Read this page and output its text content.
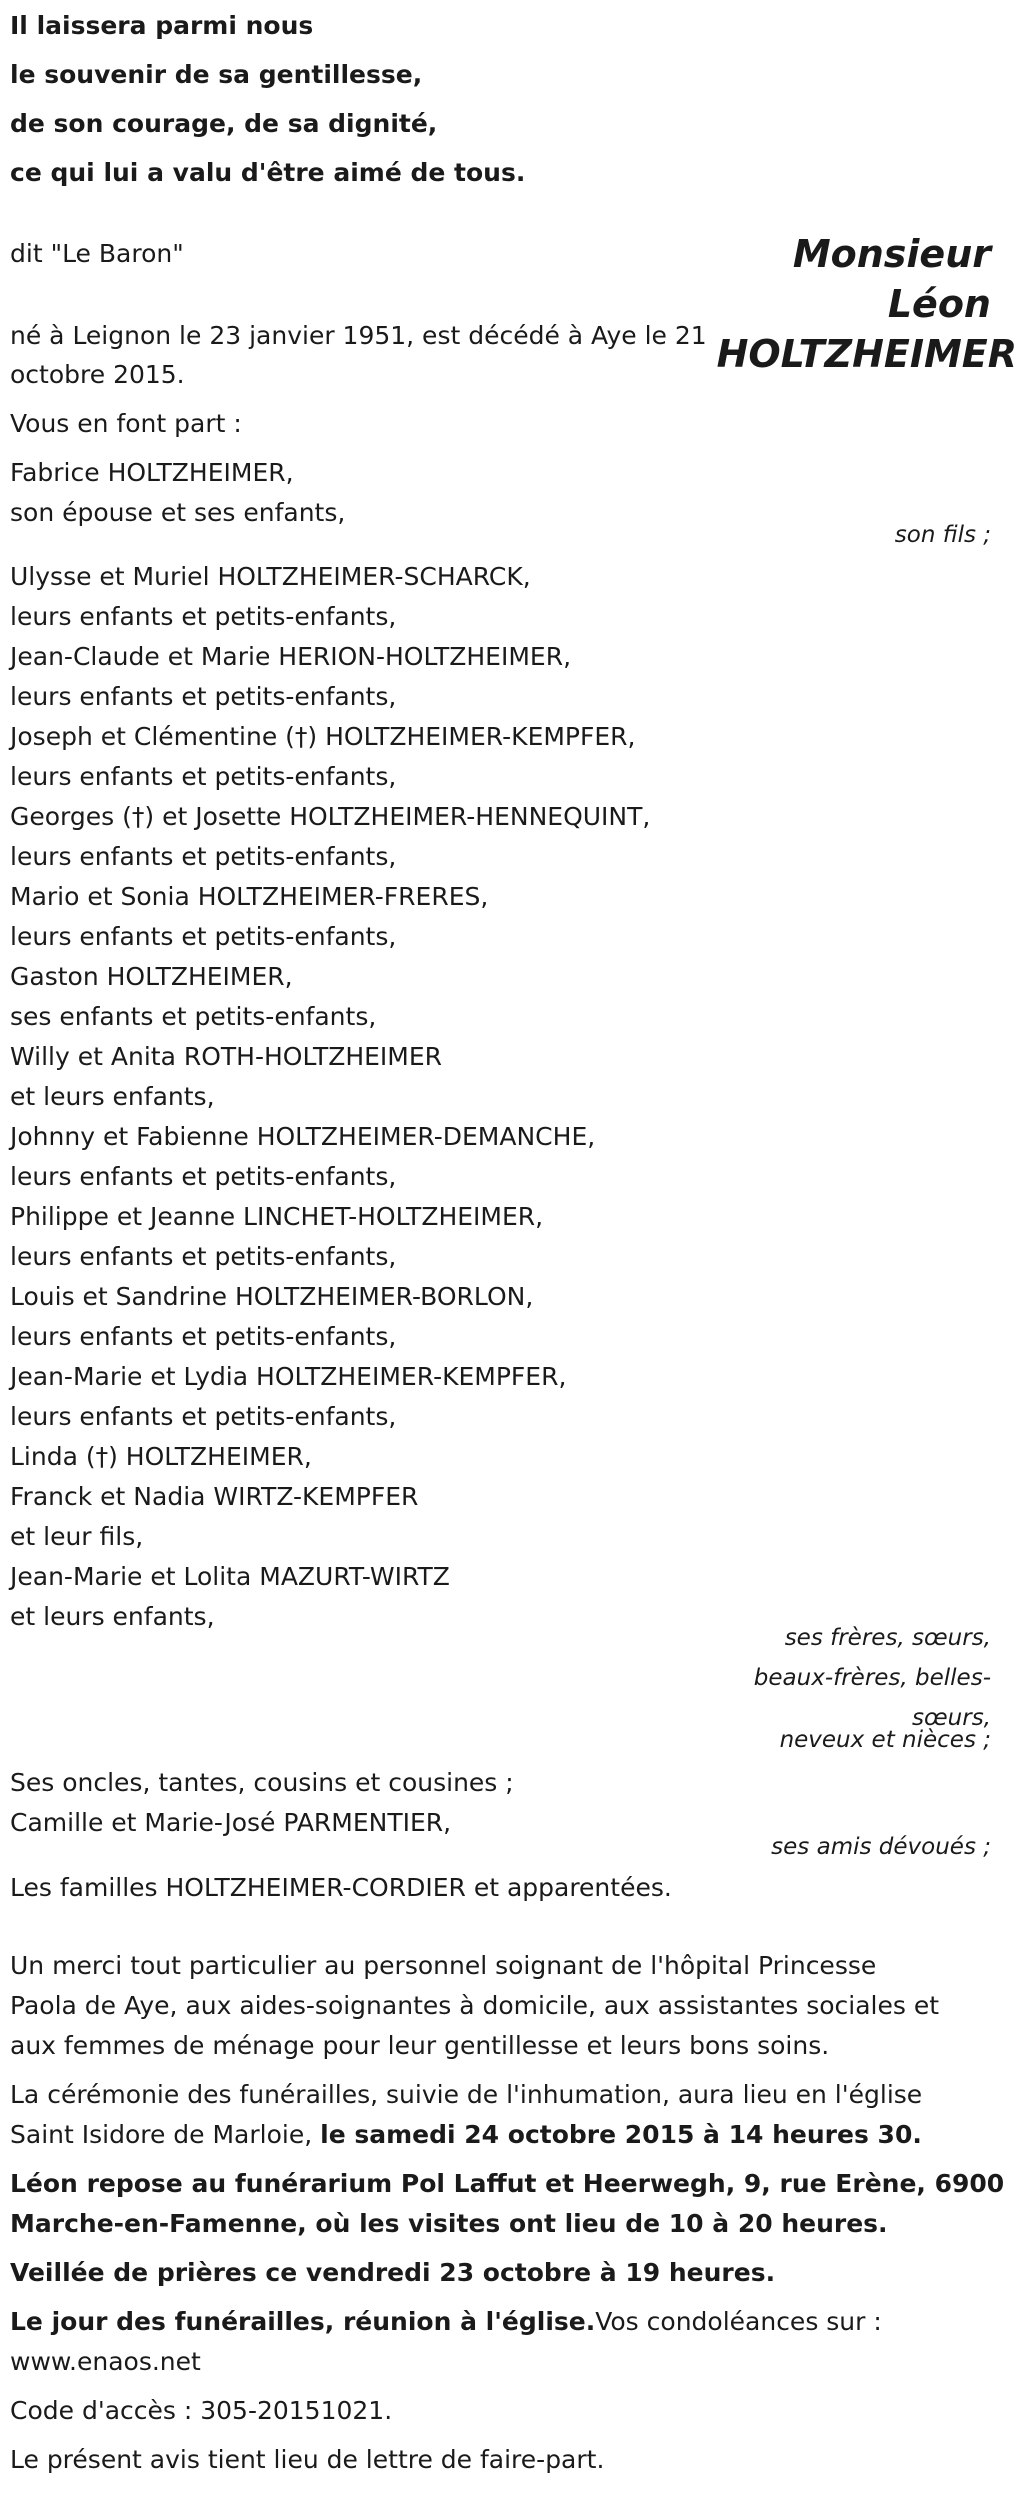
Il laissera parmi nous
le souvenir de sa gentillesse,
de son courage, de sa dignité,
ce qui lui a valu d'être aimé de tous.
dit "Le Baron"	Monsieur
Léon
HOLTZHEIMER
né à Leignon le 23 janvier 1951, est décédé à Aye le 21
octobre 2015.
Vous en font part :
Fabrice HOLTZHEIMER,
son épouse et ses enfants,
son fils ;
Ulysse et Muriel HOLTZHEIMER-SCHARCK,
leurs enfants et petits-enfants,
Jean-Claude et Marie HERION-HOLTZHEIMER,
leurs enfants et petits-enfants,
Joseph et Clémentine (†) HOLTZHEIMER-KEMPFER,
leurs enfants et petits-enfants,
Georges (†) et Josette HOLTZHEIMER-HENNEQUINT,
leurs enfants et petits-enfants,
Mario et Sonia HOLTZHEIMER-FRERES,
leurs enfants et petits-enfants,
Gaston HOLTZHEIMER,
ses enfants et petits-enfants,
Willy et Anita ROTH-HOLTZHEIMER
et leurs enfants,
Johnny et Fabienne HOLTZHEIMER-DEMANCHE,
leurs enfants et petits-enfants,
Philippe et Jeanne LINCHET-HOLTZHEIMER,
leurs enfants et petits-enfants,
Louis et Sandrine HOLTZHEIMER-BORLON,
leurs enfants et petits-enfants,
Jean-Marie et Lydia HOLTZHEIMER-KEMPFER,
leurs enfants et petits-enfants,
Linda (†) HOLTZHEIMER,
Franck et Nadia WIRTZ-KEMPFER
et leur fils,
Jean-Marie et Lolita MAZURT-WIRTZ
et leurs enfants,
ses frères, sœurs,
beaux-frères, belles-
sœurs,
neveux et nièces ;
Ses oncles, tantes, cousins et cousines ;
Camille et Marie-José PARMENTIER,
ses amis dévoués ;
Les familles HOLTZHEIMER-CORDIER et apparentées.
Un merci tout particulier au personnel soignant de l'hôpital Princesse
Paola de Aye, aux aides-soignantes à domicile, aux assistantes sociales et
aux femmes de ménage pour leur gentillesse et leurs bons soins.
La cérémonie des funérailles, suivie de l'inhumation, aura lieu en l'église
Saint Isidore de Marloie, le samedi 24 octobre 2015 à 14 heures 30.
Léon repose au funérarium Pol Laffut et Heerwegh, 9, rue Erène, 6900
Marche-en-Famenne, où les visites ont lieu de 10 à 20 heures.
Veillée de prières ce vendredi 23 octobre à 19 heures.
Le jour des funérailles, réunion à l'église.Vos condoléances sur :
www.enaos.net
Code d'accès : 305-20151021.
Le présent avis tient lieu de lettre de faire-part.
